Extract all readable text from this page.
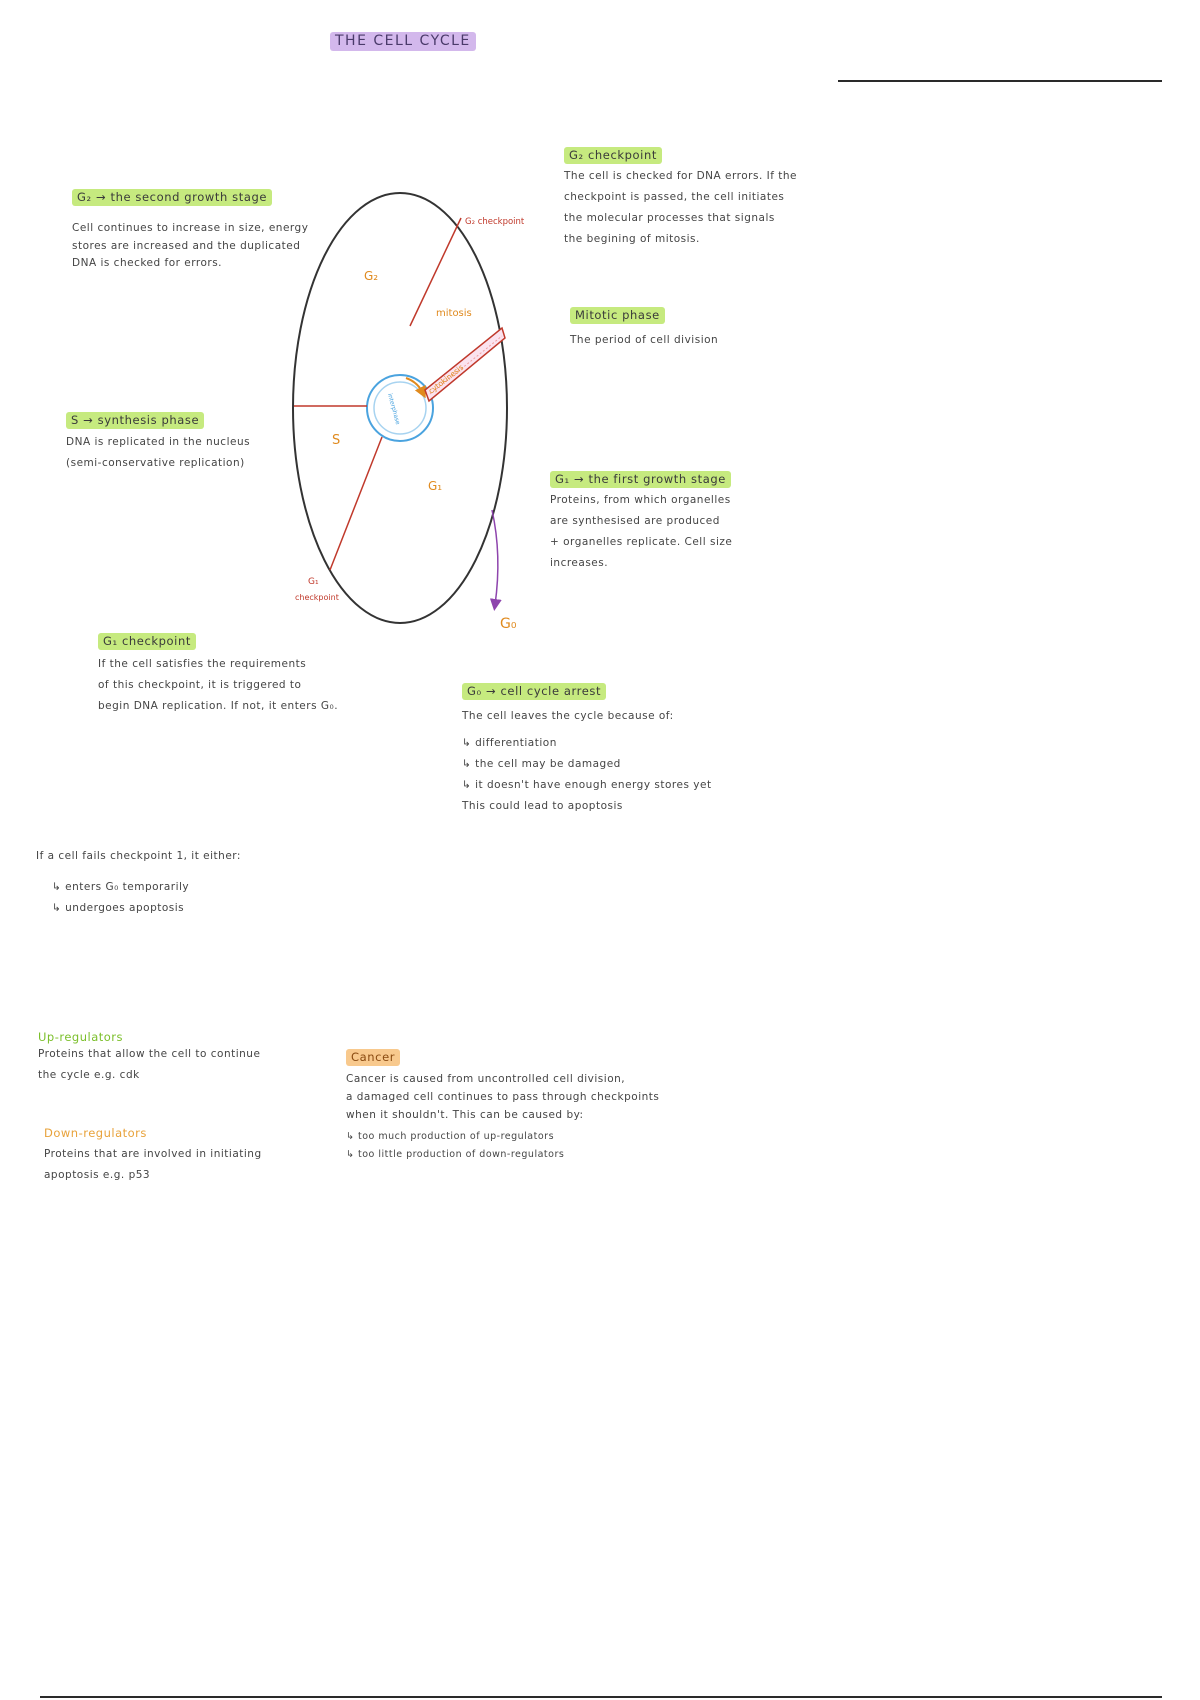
THE CELL CYCLE
interphase
cytokinesis
G₂
mitosis
S
G₁
G₂ checkpoint
G₁
checkpoint
G₀
G₂ → the second growth stage

Cell continues to increase in size, energy

stores are increased and the duplicated

DNA is checked for errors.

G₂ checkpoint

The cell is checked for DNA errors. If the

checkpoint is passed, the cell initiates

the molecular processes that signals

the begining of mitosis.

Mitotic phase

The period of cell division

S → synthesis phase

DNA is replicated in the nucleus

(semi-conservative replication)

G₁ → the first growth stage

Proteins, from which organelles

are synthesised are produced

+ organelles replicate. Cell size

increases.

G₁ checkpoint

If the cell satisfies the requirements

of this checkpoint, it is triggered to

begin DNA replication. If not, it enters G₀.

G₀ → cell cycle arrest

The cell leaves the cycle because of:

↳ differentiation

↳ the cell may be damaged

↳ it doesn't have enough energy stores yet

This could lead to apoptosis

If a cell fails checkpoint 1, it either:

↳ enters G₀ temporarily

↳ undergoes apoptosis

Up-regulators

Proteins that allow the cell to continue

the cycle e.g. cdk

Down-regulators

Proteins that are involved in initiating

apoptosis e.g. p53

Cancer

Cancer is caused from uncontrolled cell division,

a damaged cell continues to pass through checkpoints

when it shouldn't. This can be caused by:

↳ too much production of up-regulators

↳ too little production of down-regulators
